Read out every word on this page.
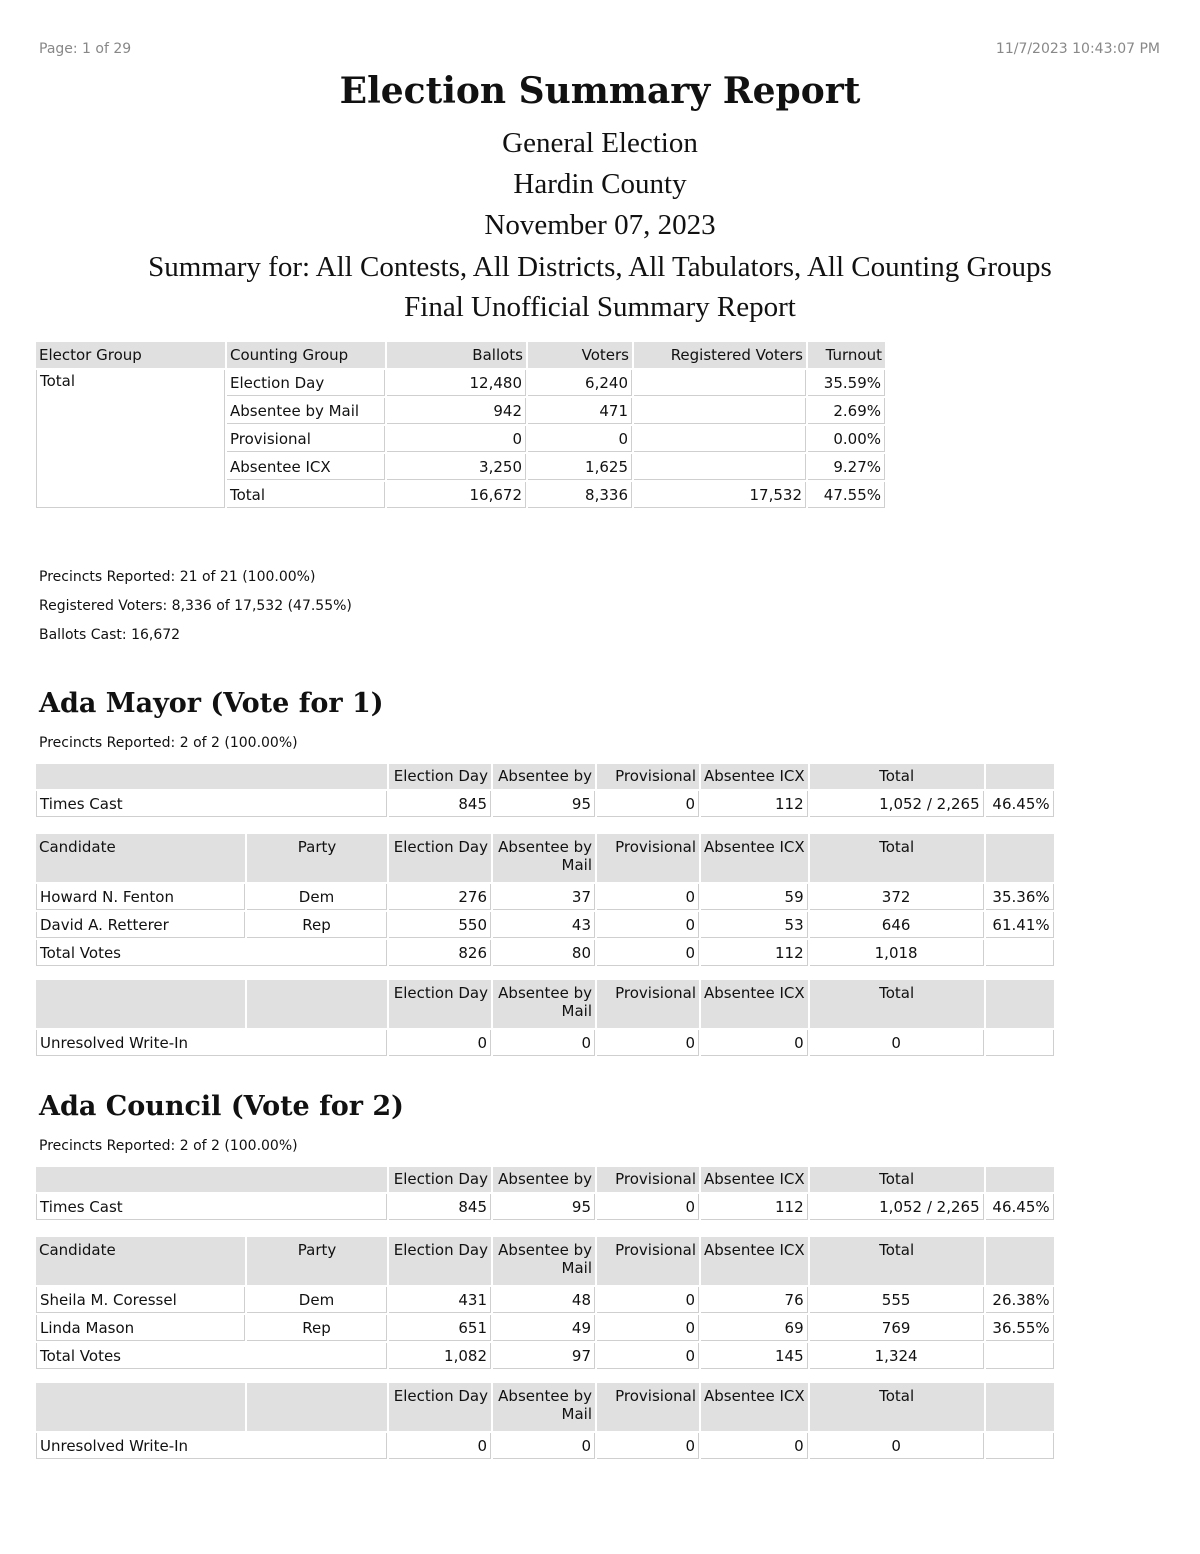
Page: 1 of 29	11/7/2023 10:43:07 PM
Election Summary Report
General Election
Hardin County
November 07, 2023
Summary for: All Contests, All Districts, All Tabulators, All Counting Groups
Final Unofficial Summary Report
Elector Group	Counting Group	Ballots	Voters	Registered Voters	Turnout
Total	Election Day	12,480	6,240		35.59%
	Absentee by Mail	942	471		2.69%
	Provisional	0	0		0.00%
	Absentee ICX	3,250	1,625		9.27%
	Total	16,672	8,336	17,532	47.55%
Precincts Reported: 21 of 21 (100.00%)
Registered Voters: 8,336 of 17,532 (47.55%)
Ballots Cast: 16,672
Ada Mayor (Vote for 1)
Precincts Reported: 2 of 2 (100.00%)
	Election Day	Absentee by	Provisional	Absentee ICX	Total	
Times Cast	845	95	0	112	1,052 / 2,265	46.45%
Candidate	Party	Election Day	Absentee by Mail	Provisional	Absentee ICX	Total	
Howard N. Fenton	Dem	276	37	0	59	372	35.36%
David A. Retterer	Rep	550	43	0	53	646	61.41%
Total Votes		826	80	0	112	1,018	
		Election Day	Absentee by Mail	Provisional	Absentee ICX	Total	
Unresolved Write-In		0	0	0	0	0	
Ada Council (Vote for 2)
Precincts Reported: 2 of 2 (100.00%)
	Election Day	Absentee by	Provisional	Absentee ICX	Total	
Times Cast	845	95	0	112	1,052 / 2,265	46.45%
Candidate	Party	Election Day	Absentee by Mail	Provisional	Absentee ICX	Total	
Sheila M. Coressel	Dem	431	48	0	76	555	26.38%
Linda Mason	Rep	651	49	0	69	769	36.55%
Total Votes		1,082	97	0	145	1,324	
		Election Day	Absentee by Mail	Provisional	Absentee ICX	Total	
Unresolved Write-In		0	0	0	0	0	
